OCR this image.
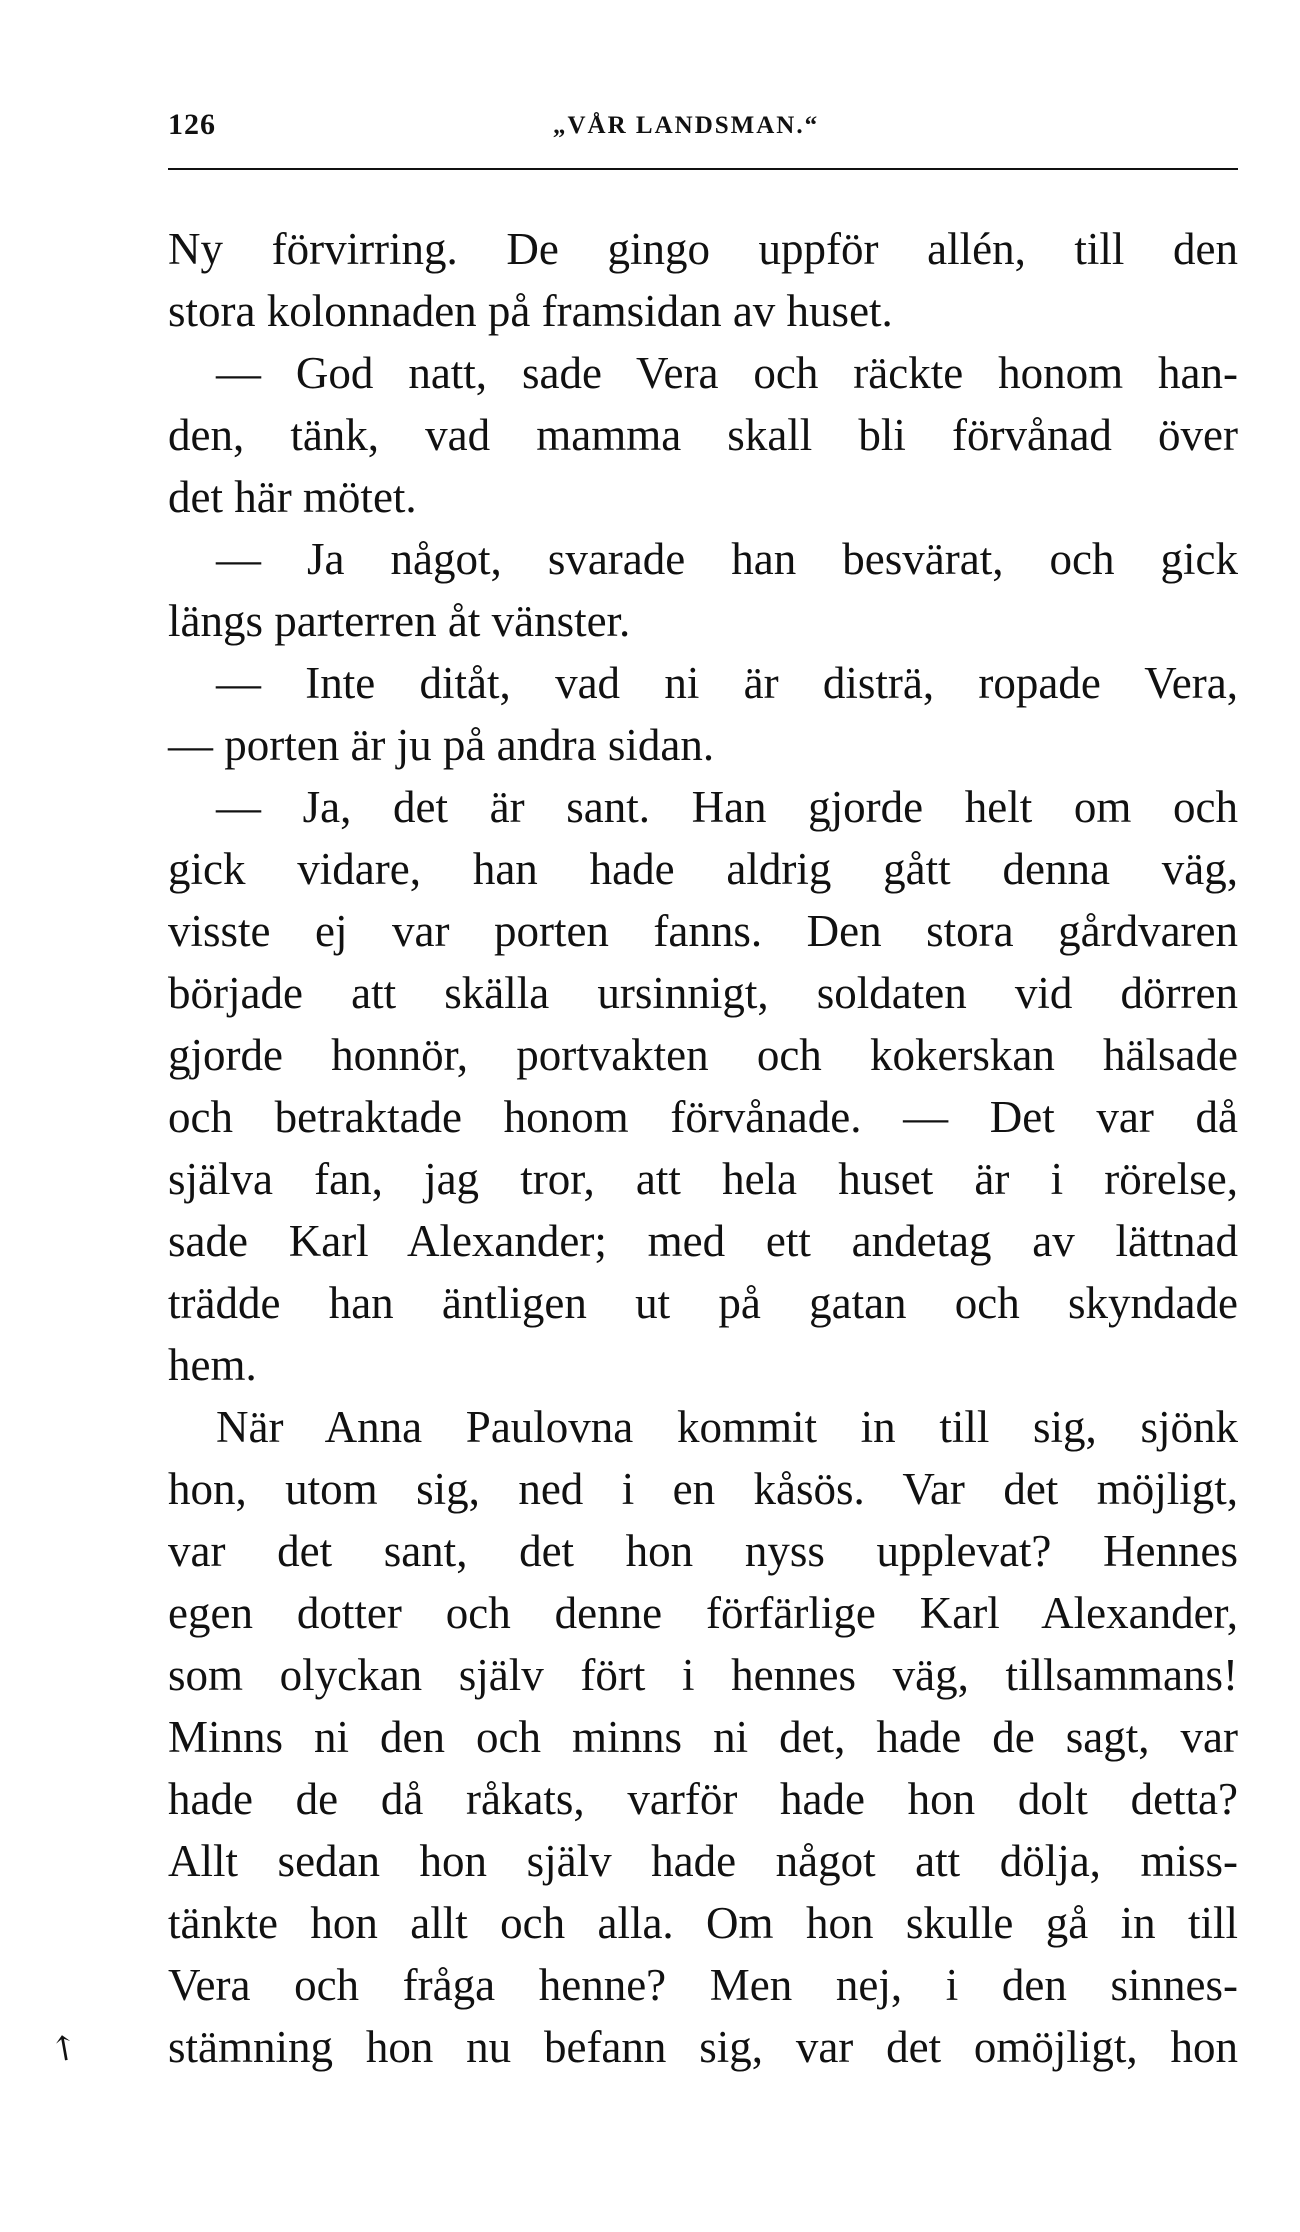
126	„VÅR LANDSMAN.“
Ny förvirring. De gingo uppför allén, till den
stora kolonnaden på framsidan av huset.
— God natt, sade Vera och räckte honom han-
den, tänk, vad mamma skall bli förvånad över
det här mötet.
— Ja något, svarade han besvärat, och gick
längs parterren åt vänster.
— Inte ditåt, vad ni är disträ, ropade Vera,
— porten är ju på andra sidan.
— Ja, det är sant. Han gjorde helt om och
gick vidare, han hade aldrig gått denna väg,
visste ej var porten fanns. Den stora gårdvaren
började att skälla ursinnigt, soldaten vid dörren
gjorde honnör, portvakten och kokerskan hälsade
och betraktade honom förvånade. — Det var då
själva fan, jag tror, att hela huset är i rörelse,
sade Karl Alexander; med ett andetag av lättnad
trädde han äntligen ut på gatan och skyndade
hem.
När Anna Paulovna kommit in till sig, sjönk
hon, utom sig, ned i en kåsös. Var det möjligt,
var det sant, det hon nyss upplevat? Hennes
egen dotter och denne förfärlige Karl Alexander,
som olyckan själv fört i hennes väg, tillsammans!
Minns ni den och minns ni det, hade de sagt, var
hade de då råkats, varför hade hon dolt detta?
Allt sedan hon själv hade något att dölja, miss-
tänkte hon allt och alla. Om hon skulle gå in till
Vera och fråga henne? Men nej, i den sinnes-
stämning hon nu befann sig, var det omöjligt, hon
↖
